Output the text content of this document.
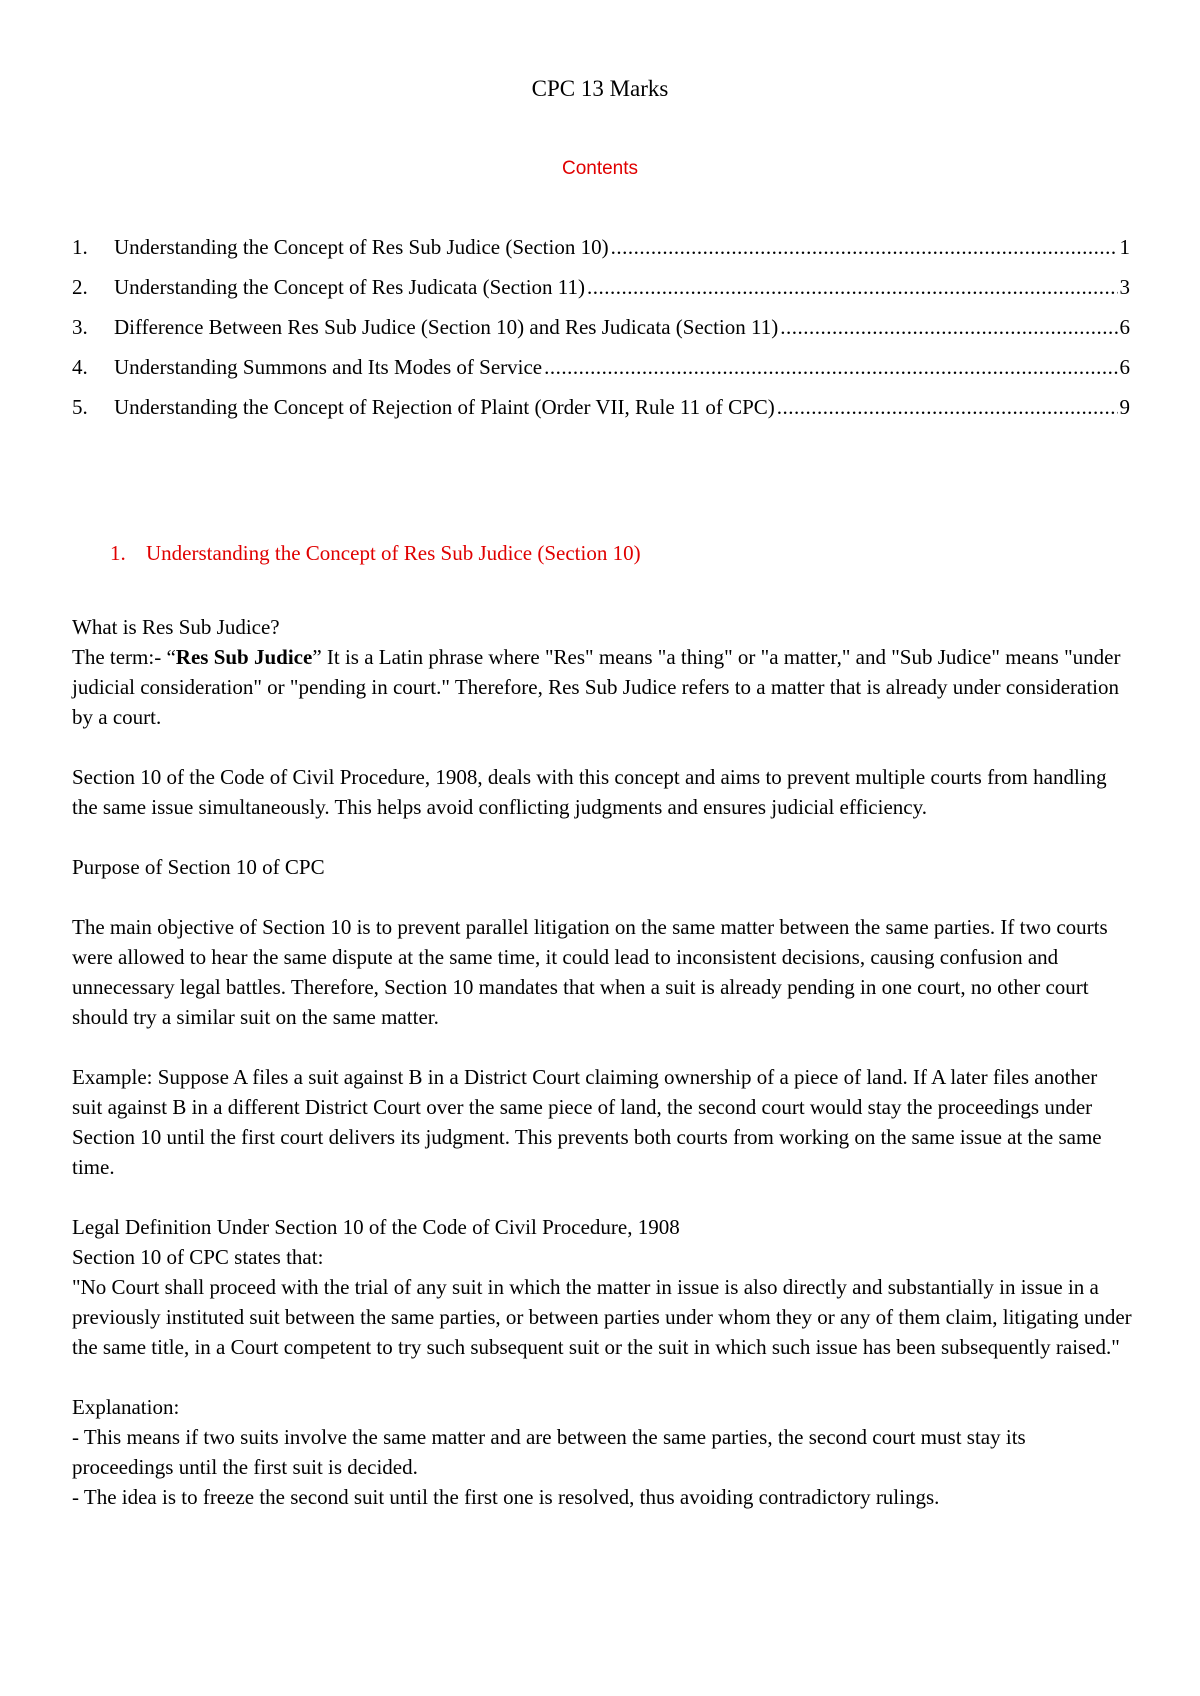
CPC 13 Marks
Contents
1.	Understanding the Concept of Res Sub Judice (Section 10) .....	1
2.	Understanding the Concept of Res Judicata (Section 11) .....	3
3.	Difference Between Res Sub Judice (Section 10) and Res Judicata (Section 11) .....	6
4.	Understanding Summons and Its Modes of Service .....	6
5.	Understanding the Concept of Rejection of Plaint (Order VII, Rule 11 of CPC) .....	9
1. Understanding the Concept of Res Sub Judice (Section 10)

What is Res Sub Judice?

The term:- “Res Sub Judice” It is a Latin phrase where "Res" means "a thing" or "a matter," and "Sub Judice" means "under judicial consideration" or "pending in court." Therefore, Res Sub Judice refers to a matter that is already under consideration by a court.

Section 10 of the Code of Civil Procedure, 1908, deals with this concept and aims to prevent multiple courts from handling the same issue simultaneously. This helps avoid conflicting judgments and ensures judicial efficiency.

Purpose of Section 10 of CPC

The main objective of Section 10 is to prevent parallel litigation on the same matter between the same parties. If two courts were allowed to hear the same dispute at the same time, it could lead to inconsistent decisions, causing confusion and unnecessary legal battles. Therefore, Section 10 mandates that when a suit is already pending in one court, no other court should try a similar suit on the same matter.

Example: Suppose A files a suit against B in a District Court claiming ownership of a piece of land. If A later files another suit against B in a different District Court over the same piece of land, the second court would stay the proceedings under Section 10 until the first court delivers its judgment. This prevents both courts from working on the same issue at the same time.

Legal Definition Under Section 10 of the Code of Civil Procedure, 1908

Section 10 of CPC states that:

"No Court shall proceed with the trial of any suit in which the matter in issue is also directly and substantially in issue in a previously instituted suit between the same parties, or between parties under whom they or any of them claim, litigating under the same title, in a Court competent to try such subsequent suit or the suit in which such issue has been subsequently raised."

Explanation:

- This means if two suits involve the same matter and are between the same parties, the second court must stay its proceedings until the first suit is decided.

- The idea is to freeze the second suit until the first one is resolved, thus avoiding contradictory rulings.
